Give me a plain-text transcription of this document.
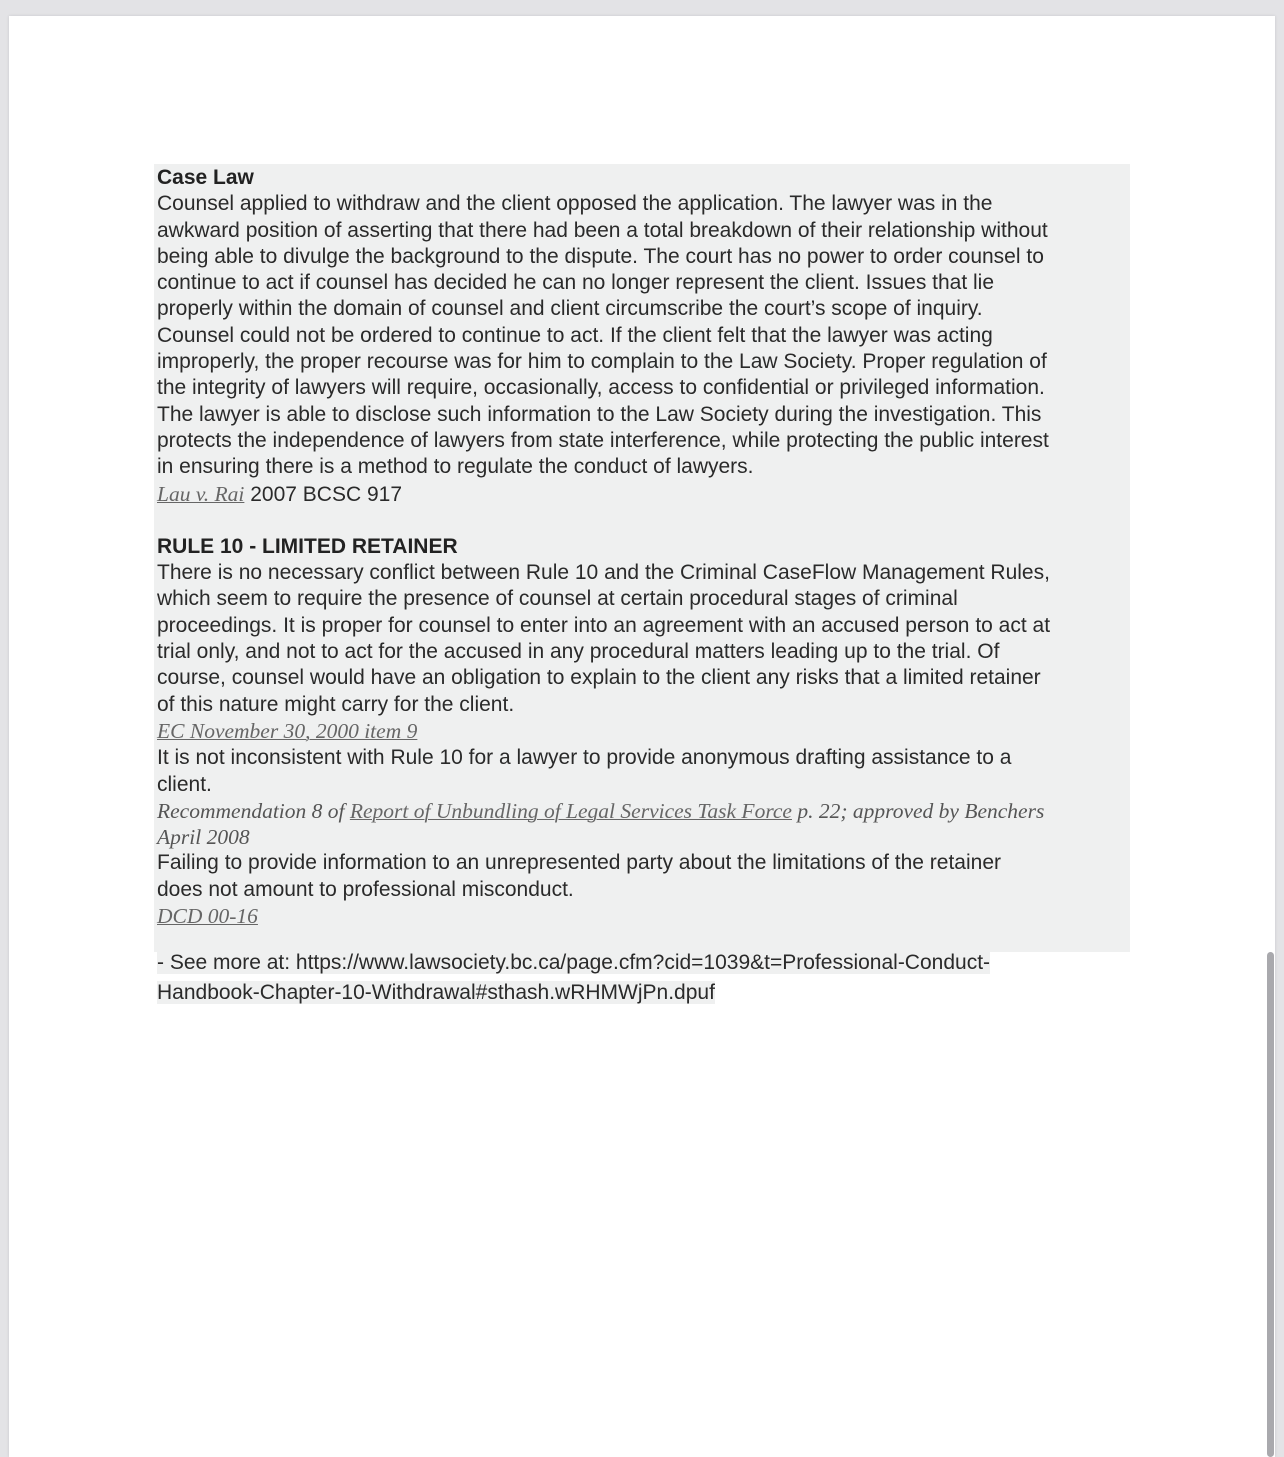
Case Law
Counsel applied to withdraw and the client opposed the application. The lawyer was in the
awkward position of asserting that there had been a total breakdown of their relationship without
being able to divulge the background to the dispute. The court has no power to order counsel to
continue to act if counsel has decided he can no longer represent the client. Issues that lie
properly within the domain of counsel and client circumscribe the court’s scope of inquiry.
Counsel could not be ordered to continue to act. If the client felt that the lawyer was acting
improperly, the proper recourse was for him to complain to the Law Society. Proper regulation of
the integrity of lawyers will require, occasionally, access to confidential or privileged information.
The lawyer is able to disclose such information to the Law Society during the investigation. This
protects the independence of lawyers from state interference, while protecting the public interest
in ensuring there is a method to regulate the conduct of lawyers.
Lau v. Rai 2007 BCSC 917
RULE 10 - LIMITED RETAINER
There is no necessary conflict between Rule 10 and the Criminal CaseFlow Management Rules,
which seem to require the presence of counsel at certain procedural stages of criminal
proceedings. It is proper for counsel to enter into an agreement with an accused person to act at
trial only, and not to act for the accused in any procedural matters leading up to the trial. Of
course, counsel would have an obligation to explain to the client any risks that a limited retainer
of this nature might carry for the client.
EC November 30, 2000 item 9
It is not inconsistent with Rule 10 for a lawyer to provide anonymous drafting assistance to a
client.
Recommendation 8 of Report of Unbundling of Legal Services Task Force p. 22; approved by Benchers
April 2008
Failing to provide information to an unrepresented party about the limitations of the retainer
does not amount to professional misconduct.
DCD 00-16
- See more at: https://www.lawsociety.bc.ca/page.cfm?cid=1039&t=Professional-Conduct-
Handbook-Chapter-10-Withdrawal#sthash.wRHMWjPn.dpuf
